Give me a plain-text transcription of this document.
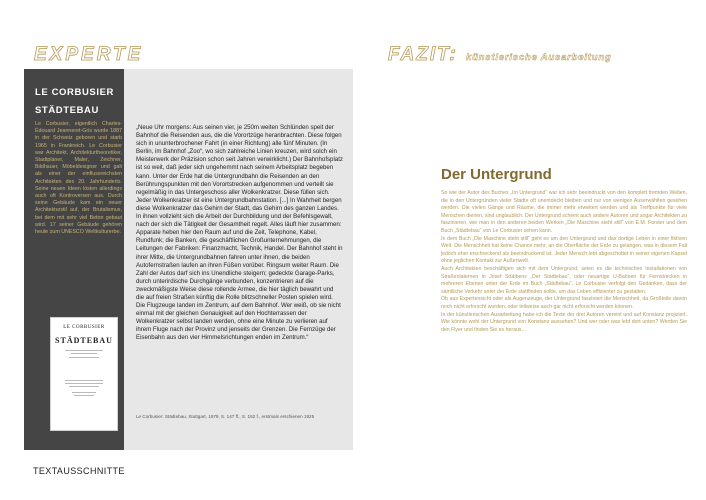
EXPERTE
LE CORBUSIER
STÄDTEBAU
Le Corbusier, eigentlich Charles-Édouard Jeanneret-Gris wurde 1887 in der Schweiz geboren und starb 1965 in Frankreich. Le Corbusier war Architekt, Architekturtheoretiker, Stadtplaner, Maler, Zeichner, Bildhauer, Möbeldesigner und galt als einer der einflussreichsten Architekten des 20. Jahrhunderts. Seine neuen Ideen lösten allerdings auch oft Kontroversen aus. Durch seine Gebäude kam ein neuer Architekturstil auf, der Brutalismus, bei dem mit sehr viel Beton gebaut wird. 17 seiner Gebäude gehören heute zum UNESCO Weltkulturerbe.
LE CORBUSIER
STÄDTEBAU
„Neue Uhr morgens: Aus seinen vier, je 250m weiten Schlünden speit der Bahnhof die Reisenden aus, die die Vorortzüge heranbrachten. Diese folgen sich in ununterbrochener Fahrt (in einer Richtung) alle fünf Minuten. (In Berlin, im Bahnhof „Zoo“, wo sich zahlreiche Linien kreuzen, wird solch ein Meisterwerk der Präzision schon seit Jahren verwirklicht.) Der Bahnhofsplatz ist so weit, daß jeder sich ungehemmt nach seinem Arbeitsplatz begeben kann. Unter der Erde hat die Untergrundbahn die Reisenden an den Berührungspunkten mit den Vorortstrecken aufgenommen und verteilt sie regelmäßig in das Untergeschoss aller Wolkenkratzer. Diese füllen sich. Jeder Wolkenkratzer ist eine Untergrundbahnstation. [...] In Wahrheit bergen diese Wolkenkratzer das Gehirn der Stadt, das Gehirn des ganzen Landes. In ihnen vollzieht sich die Arbeit der Durchbildung und der Befehlsgewalt, nach der sich die Tätigkeit der Gesamtheit regelt. Alles läuft hier zusammen: Apparate heben hier den Raum auf und die Zeit, Telephone, Kabel, Rundfunk; die Banken, die geschäftlichen Großunternehmungen, die Leitungen der Fabriken: Finanzmacht, Technik, Handel. Der Bahnhof steht in ihrer Mitte, die Untergrundbahnen fahren unter ihnen, die beiden Autofernstraßen laufen an ihren Füßen vorüber. Ringsum weiter Raum. Die Zahl der Autos darf sich ins Unendliche steigern; gedeckte Garage-Parks, durch unterirdische Durchgänge verbunden, konzentrieren auf die zweckmäßigste Weise diese rollende Armee, die hier täglich bewahrt und die auf freien Straßen künftig die Rolle blitzschneller Posten spielen wird. Die Flugzeuge landen im Zentrum, auf dem Bahnhof. Wer weiß, ob sie nicht einmal mit der gleichen Genauigkeit auf den Hochterrassen der Wolkenkratzer selbst landen werden, ohne eine Minute zu verlieren auf ihrem Fluge nach der Provinz und jenseits der Grenzen. Die Fernzüge der Eisenbahn aus den vier Himmelsrichtungen enden im Zentrum.“
Le Corbusier: Städtebau, Stuttgart, 1979, S. 147 ff., S. 152 f., erstmals erschienen 1925
TEXTAUSSCHNITTE
FAZIT: künstlerische Ausarbeitung
Der Untergrund

So wie der Autor des Buches „Im Untergrund“ war ich sehr beeindruckt von den komplett fremden Welten, die in den Untergründen vieler Städte oft unentdeckt bleiben und nur von wenigen Auserwählten gesehen werden. Die vielen Gänge und Räume, die immer mehr erweitert werden und als Treffpunkte für viele Menschen dienen, sind unglaublich. Der Untergrund scheint auch andere Autoren und sogar Architekten zu faszinieren, wie man in den anderen beiden Werken „Die Maschine steht still“ von E.M. Forster und dem Buch „Städtebau“ von Le Corbusier sehen kann.

In dem Buch „Die Maschine steht still“ geht es um den Untergrund und das dortige Leben in einer fiktiven Welt. Die Menschheit hat keine Chance mehr, an die Oberfläche der Erde zu gelangen, was in diesem Fall jedoch eher erschreckend als beeindruckend ist. Jeder Mensch lebt abgeschottet in seiner eigenen Kapsel ohne jeglichen Kontakt zur Außenwelt.

Auch Architekten beschäftigen sich mit dem Untergrund, seien es die technischen Installationen von Straßenlaternen in Josef Stübbens „Der Städtebau“, oder neuartige U-Bahnen für Fernstrecken in mehreren Ebenen unter der Erde im Buch „Städtebau“. Le Corbusier verfolgt den Gedanken, dass der sämtliche Verkehr unter der Erde stattfinden sollte, um das Leben effizienter zu gestalten.

Ob aus Expertensicht oder als Augenzeuge, der Untergrund fasziniert die Menschheit, da Großteile davon noch nicht erforscht wurden, oder teilweise auch gar nicht erforscht werden können.

In der künstlerischen Ausarbeitung habe ich die Texte der drei Autoren vereint und auf Konstanz projiziert. Wie könnte wohl der Untergrund von Konstanz aussehen? Und wer oder was lebt dort unten? Werden Sie den Flyer und finden Sie es heraus...
